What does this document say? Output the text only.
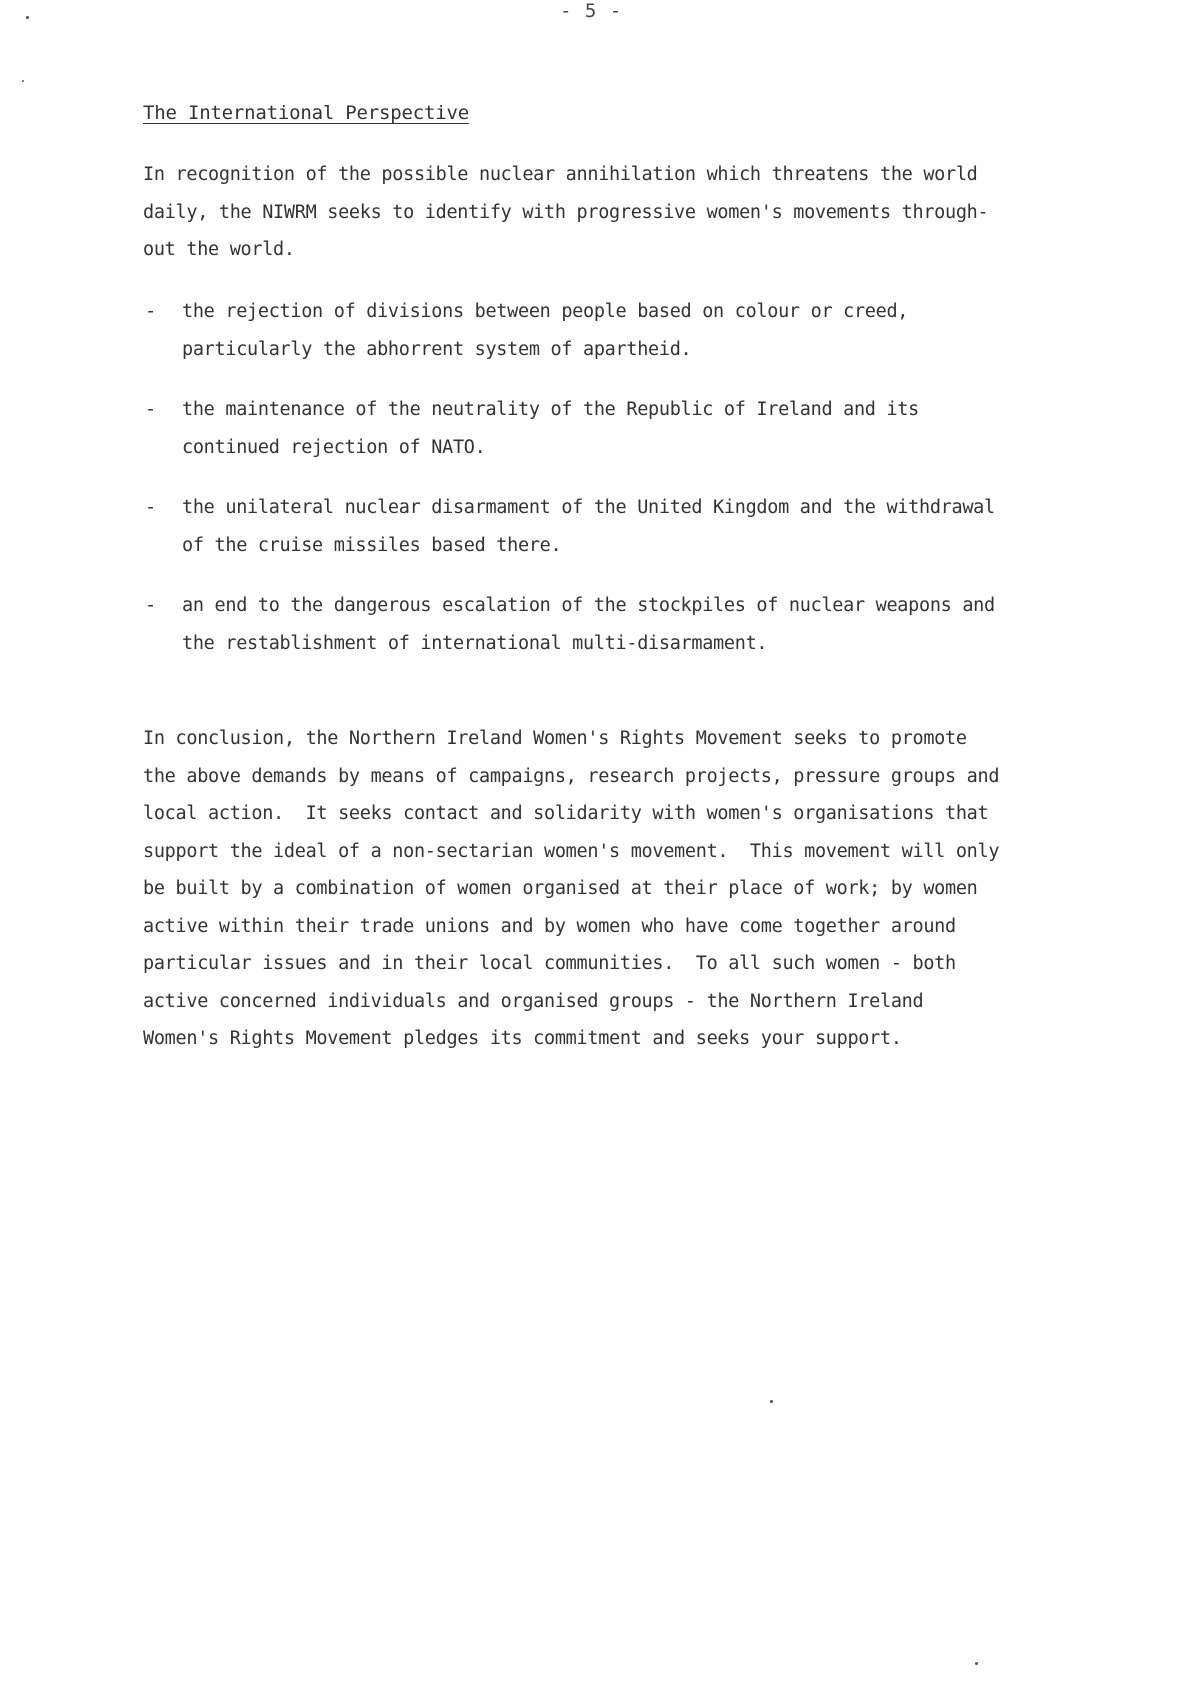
- 5 -
The International Perspective
In recognition of the possible nuclear annihilation which threatens the world
daily, the NIWRM seeks to identify with progressive women's movements through-
out the world.
- the rejection of divisions between people based on colour or creed,
particularly the abhorrent system of apartheid.
- the maintenance of the neutrality of the Republic of Ireland and its
continued rejection of NATO.
- the unilateral nuclear disarmament of the United Kingdom and the withdrawal
of the cruise missiles based there.
- an end to the dangerous escalation of the stockpiles of nuclear weapons and
the restablishment of international multi-disarmament.
In conclusion, the Northern Ireland Women's Rights Movement seeks to promote
the above demands by means of campaigns, research projects, pressure groups and
local action.  It seeks contact and solidarity with women's organisations that
support the ideal of a non-sectarian women's movement.  This movement will only
be built by a combination of women organised at their place of work; by women
active within their trade unions and by women who have come together around
particular issues and in their local communities.  To all such women - both
active concerned individuals and organised groups - the Northern Ireland
Women's Rights Movement pledges its commitment and seeks your support.
